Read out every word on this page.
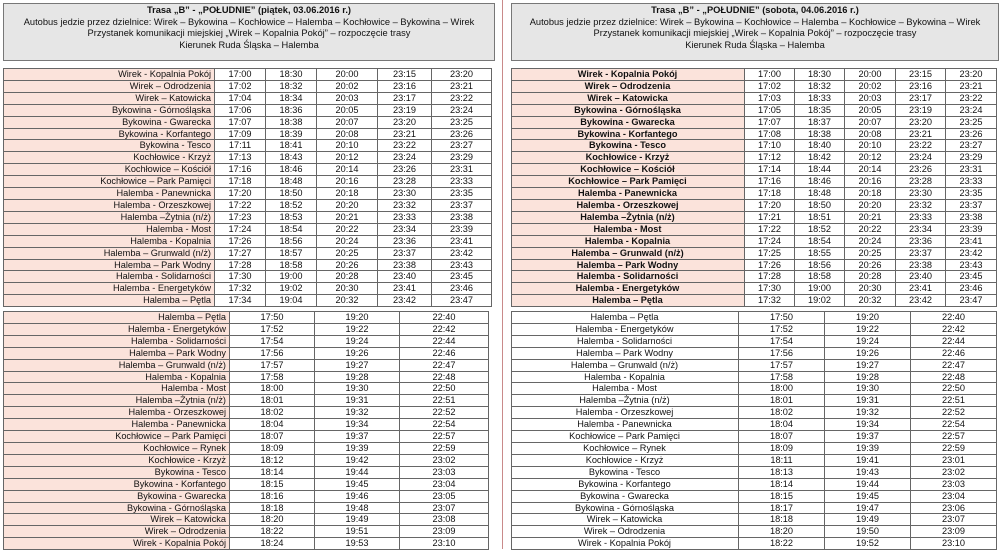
Trasa „B” - „POŁUDNIE” (piątek, 03.06.2016 r.)
Autobus jedzie przez dzielnice: Wirek – Bykowina – Kochłowice – Halemba – Kochłowice – Bykowina – Wirek
Przystanek komunikacji miejskiej „Wirek – Kopalnia Pokój” – rozpoczęcie trasy
Kierunek Ruda Śląska – Halemba
Wirek - Kopalnia Pokój	17:00	18:30	20:00	23:15	23:20
Wirek – Odrodzenia	17:02	18:32	20:02	23:16	23:21
Wirek – Katowicka	17:04	18:34	20:03	23:17	23:22
Bykowina - Górnośląska	17:06	18:36	20:05	23:19	23:24
Bykowina - Gwarecka	17:07	18:38	20:07	23:20	23:25
Bykowina - Korfantego	17:09	18:39	20:08	23:21	23:26
Bykowina - Tesco	17:11	18:41	20:10	23:22	23:27
Kochłowice - Krzyż	17:13	18:43	20:12	23:24	23:29
Kochłowice – Kościół	17:16	18:46	20:14	23:26	23:31
Kochłowice – Park Pamięci	17:18	18:48	20:16	23:28	23:33
Halemba - Panewnicka	17:20	18:50	20:18	23:30	23:35
Halemba - Orzeszkowej	17:22	18:52	20:20	23:32	23:37
Halemba –Żytnia (n/ż)	17:23	18:53	20:21	23:33	23:38
Halemba - Most	17:24	18:54	20:22	23:34	23:39
Halemba - Kopalnia	17:26	18:56	20:24	23:36	23:41
Halemba – Grunwald (n/ż)	17:27	18:57	20:25	23:37	23:42
Halemba – Park Wodny	17:28	18:58	20:26	23:38	23:43
Halemba - Solidarności	17:30	19:00	20:28	23:40	23:45
Halemba - Energetyków	17:32	19:02	20:30	23:41	23:46
Halemba – Pętla	17:34	19:04	20:32	23:42	23:47
Halemba – Pętla	17:50	19:20	22:40
Halemba - Energetyków	17:52	19:22	22:42
Halemba - Solidarności	17:54	19:24	22:44
Halemba – Park Wodny	17:56	19:26	22:46
Halemba – Grunwald (n/ż)	17:57	19:27	22:47
Halemba - Kopalnia	17:58	19:28	22:48
Halemba - Most	18:00	19:30	22:50
Halemba –Żytnia (n/ż)	18:01	19:31	22:51
Halemba - Orzeszkowej	18:02	19:32	22:52
Halemba - Panewnicka	18:04	19:34	22:54
Kochłowice – Park Pamięci	18:07	19:37	22:57
Kochłowice – Rynek	18:09	19:39	22:59
Kochłowice - Krzyż	18:12	19:42	23:02
Bykowina - Tesco	18:14	19:44	23:03
Bykowina - Korfantego	18:15	19:45	23:04
Bykowina - Gwarecka	18:16	19:46	23:05
Bykowina - Górnośląska	18:18	19:48	23:07
Wirek – Katowicka	18:20	19:49	23:08
Wirek – Odrodzenia	18:22	19:51	23:09
Wirek - Kopalnia Pokój	18:24	19:53	23:10
Trasa „B” - „POŁUDNIE” (sobota, 04.06.2016 r.)
Autobus jedzie przez dzielnice: Wirek – Bykowina – Kochłowice – Halemba – Kochłowice – Bykowina – Wirek
Przystanek komunikacji miejskiej „Wirek – Kopalnia Pokój” – rozpoczęcie trasy
Kierunek Ruda Śląska – Halemba
Wirek - Kopalnia Pokój	17:00	18:30	20:00	23:15	23:20
Wirek – Odrodzenia	17:02	18:32	20:02	23:16	23:21
Wirek – Katowicka	17:03	18:33	20:03	23:17	23:22
Bykowina - Górnośląska	17:05	18:35	20:05	23:19	23:24
Bykowina - Gwarecka	17:07	18:37	20:07	23:20	23:25
Bykowina - Korfantego	17:08	18:38	20:08	23:21	23:26
Bykowina - Tesco	17:10	18:40	20:10	23:22	23:27
Kochłowice - Krzyż	17:12	18:42	20:12	23:24	23:29
Kochłowice – Kościół	17:14	18:44	20:14	23:26	23:31
Kochłowice – Park Pamięci	17:16	18:46	20:16	23:28	23:33
Halemba - Panewnicka	17:18	18:48	20:18	23:30	23:35
Halemba - Orzeszkowej	17:20	18:50	20:20	23:32	23:37
Halemba –Żytnia (n/ż)	17:21	18:51	20:21	23:33	23:38
Halemba - Most	17:22	18:52	20:22	23:34	23:39
Halemba - Kopalnia	17:24	18:54	20:24	23:36	23:41
Halemba – Grunwald (n/ż)	17:25	18:55	20:25	23:37	23:42
Halemba – Park Wodny	17:26	18:56	20:26	23:38	23:43
Halemba - Solidarności	17:28	18:58	20:28	23:40	23:45
Halemba - Energetyków	17:30	19:00	20:30	23:41	23:46
Halemba – Pętla	17:32	19:02	20:32	23:42	23:47
Halemba – Pętla	17:50	19:20	22:40
Halemba - Energetyków	17:52	19:22	22:42
Halemba - Solidarności	17:54	19:24	22:44
Halemba – Park Wodny	17:56	19:26	22:46
Halemba – Grunwald (n/ż)	17:57	19:27	22:47
Halemba - Kopalnia	17:58	19:28	22:48
Halemba - Most	18:00	19:30	22:50
Halemba –Żytnia (n/ż)	18:01	19:31	22:51
Halemba - Orzeszkowej	18:02	19:32	22:52
Halemba - Panewnicka	18:04	19:34	22:54
Kochłowice – Park Pamięci	18:07	19:37	22:57
Kochłowice – Rynek	18:09	19:39	22:59
Kochłowice - Krzyż	18:11	19:41	23:01
Bykowina - Tesco	18:13	19:43	23:02
Bykowina - Korfantego	18:14	19:44	23:03
Bykowina - Gwarecka	18:15	19:45	23:04
Bykowina - Górnośląska	18:17	19:47	23:06
Wirek – Katowicka	18:18	19:49	23:07
Wirek – Odrodzenia	18:20	19:50	23:09
Wirek - Kopalnia Pokój	18:22	19:52	23:10
